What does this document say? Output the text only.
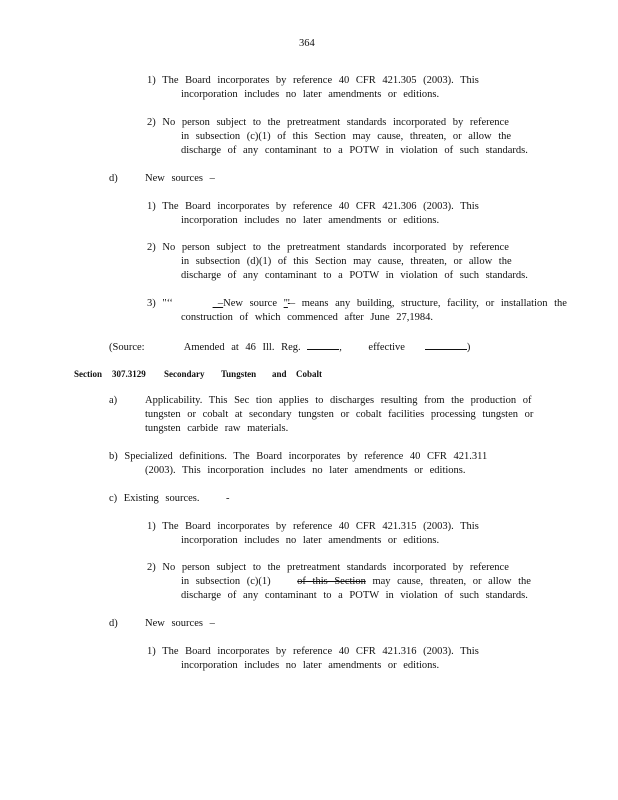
364
1) The Board incorporates by reference 40 CFR 421.305 (2003). This
incorporation includes no later amendments or editions.
2) No person subject to the pretreatment standards incorporated by reference
in subsection (c)(1) of this Section may cause, threaten, or allow the
discharge of any contaminant to a POTW in violation of such standards.
d)	New sources –
1) The Board incorporates by reference 40 CFR 421.306 (2003). This
incorporation includes no later amendments or editions.
2) No person subject to the pretreatment standards incorporated by reference
in subsection (d)(1) of this Section may cause, threaten, or allow the
discharge of any contaminant to a POTW in violation of such standards.
3) "‘‘	_–New source "'– means any building, structure, facility, or installation the
construction of which commenced after June 27,1984.
(Source:	Amended at 46 Ill. Reg.	,	effective	)
Section 307.3129 Secondary Tungsten and Cobalt
a)	Applicability. This Sec tion applies to discharges resulting from the production of
tungsten or cobalt at secondary tungsten or cobalt facilities processing tungsten or
tungsten carbide raw materials.
b) Specialized definitions. The Board incorporates by reference 40 CFR 421.311
(2003). This incorporation includes no later amendments or editions.
c) Existing sources.	-
1) The Board incorporates by reference 40 CFR 421.315 (2003). This
incorporation includes no later amendments or editions.
2) No person subject to the pretreatment standards incorporated by reference
in subsection (c)(1)	of this Section may cause, threaten, or allow the
discharge of any contaminant to a POTW in violation of such standards.
d)	New sources –
1) The Board incorporates by reference 40 CFR 421.316 (2003). This
incorporation includes no later amendments or editions.
